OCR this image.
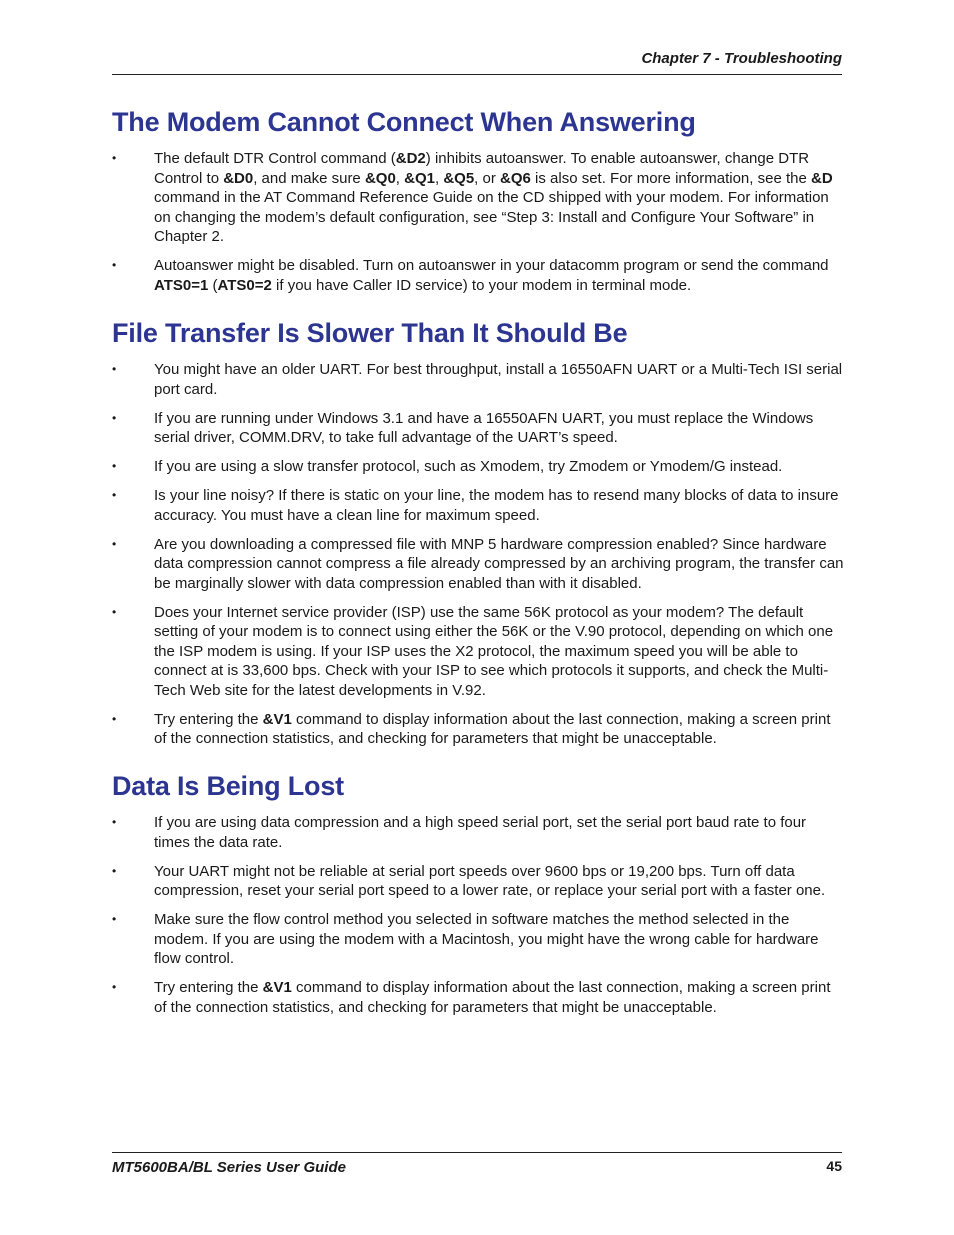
Chapter 7 - Troubleshooting
The Modem Cannot Connect When Answering
•	The default DTR Control command (&D2) inhibits autoanswer. To enable autoanswer, change DTR Control to &D0, and make sure &Q0, &Q1, &Q5, or &Q6 is also set. For more information, see the &D command in the AT Command Reference Guide on the CD shipped with your modem. For information on changing the modem’s default configuration, see “Step 3: Install and Configure Your Software” in Chapter 2.
•	Autoanswer might be disabled. Turn on autoanswer in your datacomm program or send the command ATS0=1 (ATS0=2 if you have Caller ID service) to your modem in terminal mode.
File Transfer Is Slower Than It Should Be
•	You might have an older UART. For best throughput, install a 16550AFN UART or a Multi-Tech ISI serial port card.
•	If you are running under Windows 3.1 and have a 16550AFN UART, you must replace the Windows serial driver, COMM.DRV, to take full advantage of the UART’s speed.
•	If you are using a slow transfer protocol, such as Xmodem, try Zmodem or Ymodem/G instead.
•	Is your line noisy? If there is static on your line, the modem has to resend many blocks of data to insure accuracy. You must have a clean line for maximum speed.
•	Are you downloading a compressed file with MNP 5 hardware compression enabled? Since hardware data compression cannot compress a file already compressed by an archiving program, the transfer can be marginally slower with data compression enabled than with it disabled.
•	Does your Internet service provider (ISP) use the same 56K protocol as your modem? The default setting of your modem is to connect using either the 56K or the V.90 protocol, depending on which one the ISP modem is using. If your ISP uses the X2 protocol, the maximum speed you will be able to connect at is 33,600 bps. Check with your ISP to see which protocols it supports, and check the Multi-Tech Web site for the latest developments in V.92.
•	Try entering the &V1 command to display information about the last connection, making a screen print of the connection statistics, and checking for parameters that might be unacceptable.
Data Is Being Lost
•	If you are using data compression and a high speed serial port, set the serial port baud rate to four times the data rate.
•	Your UART might not be reliable at serial port speeds over 9600 bps or 19,200 bps. Turn off data compression, reset your serial port speed to a lower rate, or replace your serial port with a faster one.
•	Make sure the flow control method you selected in software matches the method selected in the modem. If you are using the modem with a Macintosh, you might have the wrong cable for hardware flow control.
•	Try entering the &V1 command to display information about the last connection, making a screen print of the connection statistics, and checking for parameters that might be unacceptable.
MT5600BA/BL Series User Guide	45
